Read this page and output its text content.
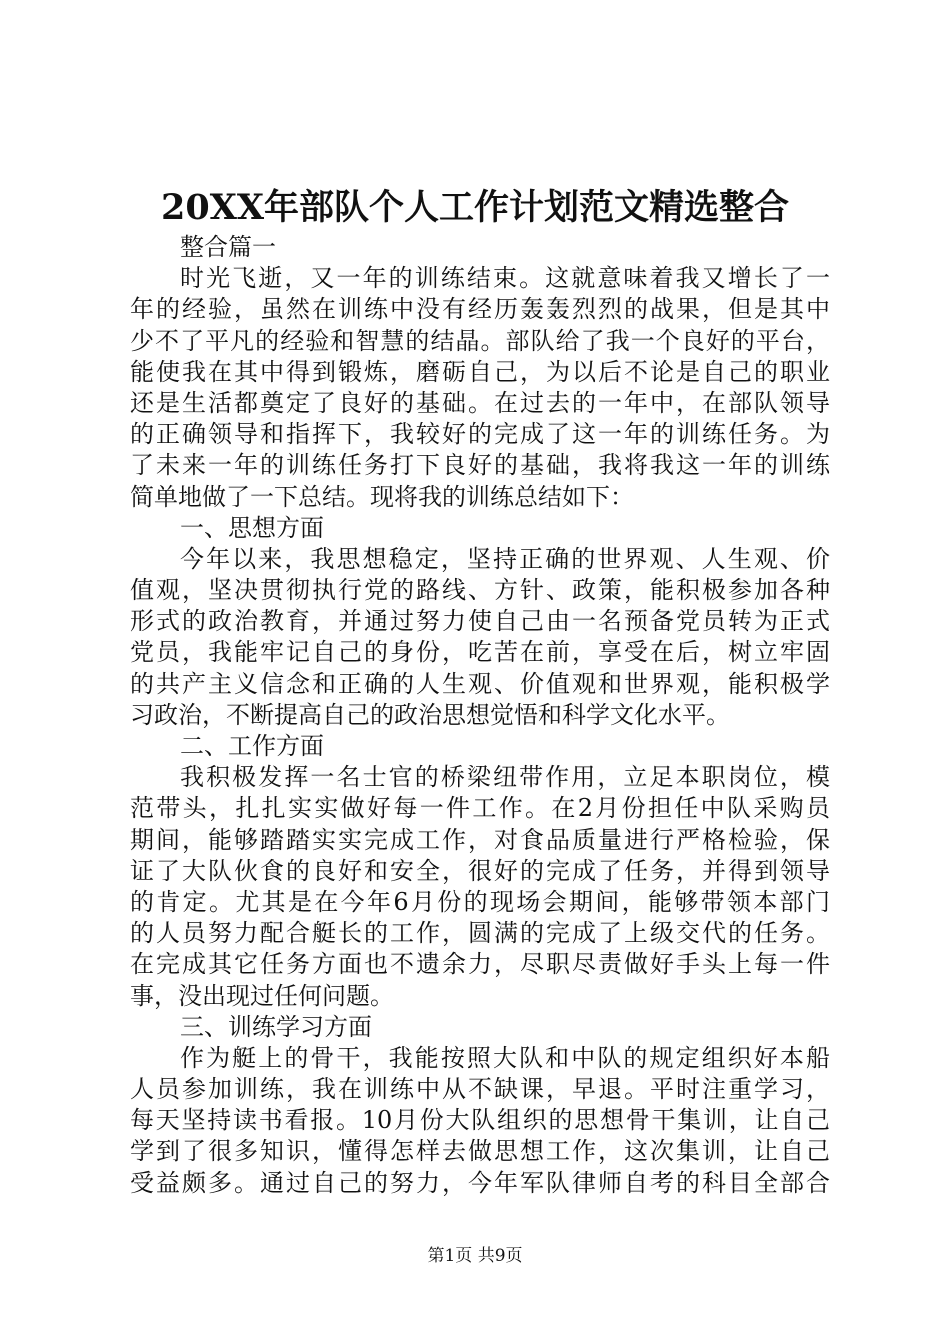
20XX年部队个人工作计划范文精选整合
整合篇一
时光飞逝，又一年的训练结束。这就意味着我又增长了一
年的经验，虽然在训练中没有经历轰轰烈烈的战果，但是其中
少不了平凡的经验和智慧的结晶。部队给了我一个良好的平台，
能使我在其中得到锻炼，磨砺自己，为以后不论是自己的职业
还是生活都奠定了良好的基础。在过去的一年中，在部队领导
的正确领导和指挥下，我较好的完成了这一年的训练任务。为
了未来一年的训练任务打下良好的基础，我将我这一年的训练
简单地做了一下总结。现将我的训练总结如下：
一、思想方面
今年以来，我思想稳定，坚持正确的世界观、人生观、价
值观，坚决贯彻执行党的路线、方针、政策，能积极参加各种
形式的政治教育，并通过努力使自己由一名预备党员转为正式
党员，我能牢记自己的身份，吃苦在前，享受在后，树立牢固
的共产主义信念和正确的人生观、价值观和世界观，能积极学
习政治，不断提高自己的政治思想觉悟和科学文化水平。
二、工作方面
我积极发挥一名士官的桥梁纽带作用，立足本职岗位，模
范带头，扎扎实实做好每一件工作。在2月份担任中队采购员
期间，能够踏踏实实完成工作，对食品质量进行严格检验，保
证了大队伙食的良好和安全，很好的完成了任务，并得到领导
的肯定。尤其是在今年6月份的现场会期间，能够带领本部门
的人员努力配合艇长的工作，圆满的完成了上级交代的任务。
在完成其它任务方面也不遗余力，尽职尽责做好手头上每一件
事，没出现过任何问题。
三、训练学习方面
作为艇上的骨干，我能按照大队和中队的规定组织好本船
人员参加训练，我在训练中从不缺课，早退。平时注重学习，
每天坚持读书看报。10月份大队组织的思想骨干集训，让自己
学到了很多知识，懂得怎样去做思想工作，这次集训，让自己
受益颇多。通过自己的努力，今年军队律师自考的科目全部合
第1页 共9页
